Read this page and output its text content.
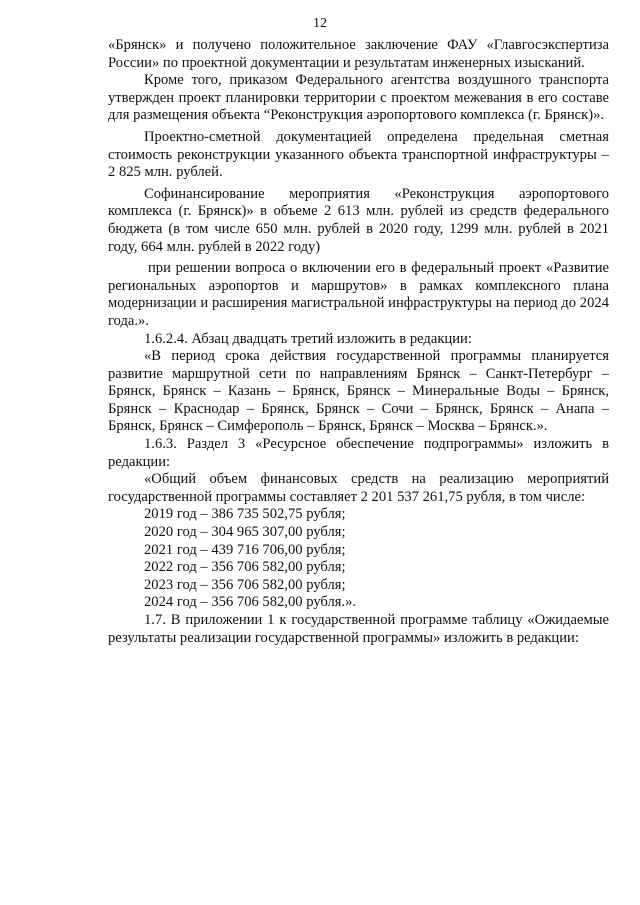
12

«Брянск» и получено положительное заключение ФАУ «Главгосэкспертиза России» по проектной документации и результатам инженерных изысканий.

Кроме того, приказом Федерального агентства воздушного транспорта утвержден проект планировки территории с проектом межевания в его составе для размещения объекта “Реконструкция аэропортового комплекса (г. Брянск)».

Проектно-сметной документацией определена предельная сметная стоимость реконструкции указанного объекта транспортной инфраструктуры – 2 825 млн. рублей.

Софинансирование мероприятия «Реконструкция аэропортового комплекса (г. Брянск)» в объеме 2 613 млн. рублей из средств федерального бюджета (в том числе 650 млн. рублей в 2020 году, 1299 млн. рублей в 2021 году, 664 млн. рублей в 2022 году)

при решении вопроса о включении его в федеральный проект «Развитие региональных аэропортов и маршрутов» в рамках комплексного плана модернизации и расширения магистральной инфраструктуры на период до 2024 года.».

1.6.2.4. Абзац двадцать третий изложить в редакции:

«В период срока действия государственной программы планируется развитие маршрутной сети по направлениям Брянск – Санкт-Петербург – Брянск, Брянск – Казань – Брянск, Брянск – Минеральные Воды – Брянск, Брянск – Краснодар – Брянск, Брянск – Сочи – Брянск, Брянск – Анапа – Брянск, Брянск – Симферополь – Брянск, Брянск – Москва – Брянск.».

1.6.3. Раздел 3 «Ресурсное обеспечение подпрограммы» изложить в редакции:

«Общий объем финансовых средств на реализацию мероприятий государственной программы составляет 2 201 537 261,75 рубля, в том числе:

2019 год – 386 735 502,75 рубля;
2020 год – 304 965 307,00 рубля;
2021 год – 439 716 706,00 рубля;
2022 год – 356 706 582,00 рубля;
2023 год – 356 706 582,00 рубля;
2024 год – 356 706 582,00 рубля.».

1.7. В приложении 1 к государственной программе таблицу «Ожидаемые результаты реализации государственной программы» изложить в редакции:
